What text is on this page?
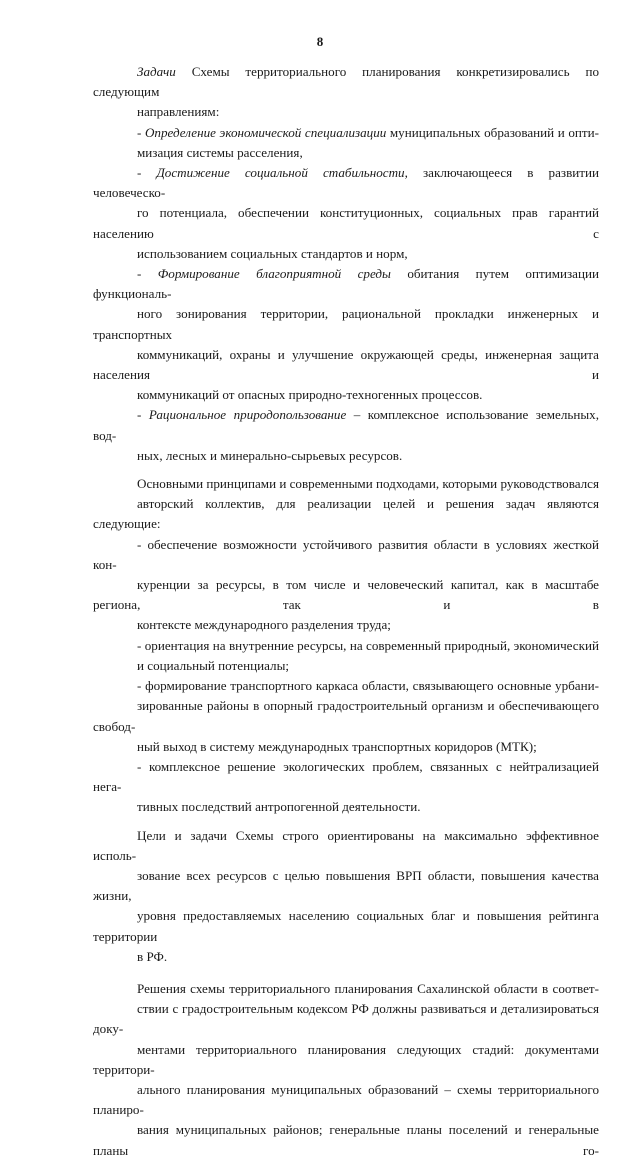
8

Задачи Схемы территориального планирования конкретизировались по следующим
направлениям:

- Определение экономической специализации муниципальных образований и опти-
мизация системы расселения,

- Достижение социальной стабильности, заключающееся в развитии человеческо-
го потенциала, обеспечении конституционных, социальных прав гарантий населению с
использованием социальных стандартов и норм,

- Формирование благоприятной среды обитания путем оптимизации функциональ-
ного зонирования территории, рациональной прокладки инженерных и транспортных
коммуникаций, охраны и улучшение окружающей среды, инженерная защита населения и
коммуникаций от опасных природно-техногенных процессов.

- Рациональное природопользование – комплексное использование земельных, вод-
ных, лесных и минерально-сырьевых ресурсов.

Основными принципами и современными подходами, которыми руководствовался
авторский коллектив, для реализации целей и решения задач являются следующие:

- обеспечение возможности устойчивого развития области в условиях жесткой кон-
куренции за ресурсы, в том числе и человеческий капитал, как в масштабе региона, так и в
контексте международного разделения труда;

- ориентация на внутренние ресурсы, на современный природный, экономический
и социальный потенциалы;

- формирование транспортного каркаса области, связывающего основные урбани-
зированные районы в опорный градостроительный организм и обеспечивающего свобод-
ный выход в систему международных транспортных коридоров (МТК);

- комплексное решение экологических проблем, связанных с нейтрализацией нега-
тивных последствий антропогенной деятельности.

Цели и задачи Схемы строго ориентированы на максимально эффективное исполь-
зование всех ресурсов с целью повышения ВРП области, повышения качества жизни,
уровня предоставляемых населению социальных благ и повышения рейтинга территории
в РФ.

Решения схемы территориального планирования Сахалинской области в соответ-
ствии с градостроительным кодексом РФ должны развиваться и детализироваться доку-
ментами территориального планирования следующих стадий: документами территори-
ального планирования муниципальных образований – схемы территориального планиро-
вания муниципальных районов; генеральные планы поселений и генеральные планы го-
